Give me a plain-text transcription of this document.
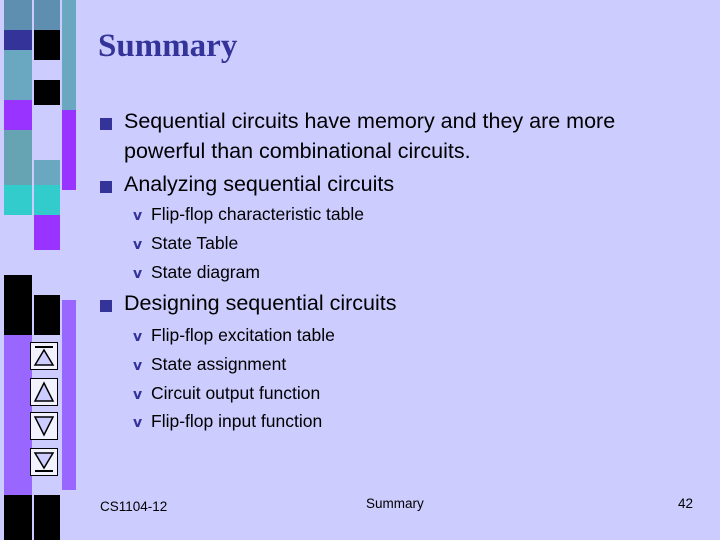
Summary
Sequential circuits have memory and they are more
powerful than combinational circuits.
Analyzing sequential circuits
v Flip-flop characteristic table
v State Table
v State diagram
Designing sequential circuits
v Flip-flop excitation table
v State assignment
v Circuit output function
v Flip-flop input function
CS1104-12	Summary	42
